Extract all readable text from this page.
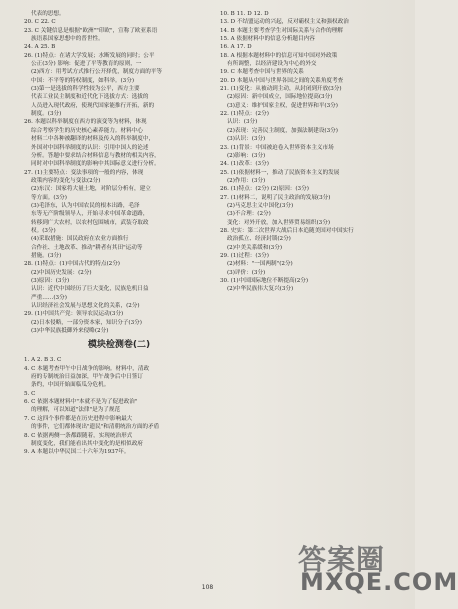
代表的思想。
20. C 22. C
23. C 关键信息是根据"欧洲""印欧"，宣称了欧亚系语
族语系国家思想中的普世性。
24. A 25. B
26. (1)特点：在诸大学发展；水断发展的同时；公平
公正(3分) 影响：促进了平等教育的原则，一
(2)西方：用考试方式推行公开择优，制度方面的平等
中国：不平等的特权制度，如科举。(3分)
(3)第一是选拔的科学性较为公平，西方主要
代表工业民主制度和近代化下选拔方式：选拔的
人员进入现代政府，使现代国家能推行开拓，新的
制度。(3分)
26. 本题以科举制度在西方的演变等为材料，体现
综合考察学生的历史核心素养能力。材料中心
材料二中各种被翻译的材料及传入的科举制度中，
外国对中国科举制度的认识：引用中国人的论述
分析。答题中要求结合材料信息与教材的相关内容，
同时对中国科举制度的影响中其国际意义进行分析。
27. (1)主要特点：变法事项的一般的内容，体现
政策内容的变化与变法(2分)
(2)东汉：国家将大量土地，对阶层分析有，建立
等方面。(3分)
(3)毛泽东，认为中国农民的根本出路，毛泽
东等无产阶级领导人，开始寻求中国革命道路，
转移到广大农村，以农村包围城市，武装夺取政
权。(3分)
(4)采取措施：国民政府在农业方面推行
合作社、土地改革、推动"耕者有其田"运动等
措施。(3分)
28. (1)特点：(1)中国古代的特点(2分)
(2)中国历史发展：(2分)
(3)原因：(3分)
认识：近代中国经历了巨大变化，民族危机日益
严重……(3分)
认识经济社会发展与思想文化的关系，(2分)
29. (1)中国共产党：领导农民运动(3分)
(2)日本侵略，一部分资本家，知识分子(3分)
(3)中华民族抵御外来侵略(2分)
模块检测卷(二)
1. A 2. B 3. C
4. C 本题考查甲午中日战争的影响。材料中，清政
府的专制统治日益加深，甲午战争后中日签订
条约，中国开始面临瓜分危机。
5. C
6. C 依据本题材料中"本就不是为了促进政治"
的理解，可以知道"法律"是为了规范
7. C 这四个事件都是在历史进程中影响最大
的事件，它们都体现出"遗民"和清朝统治方面的矛盾
8. C 依据两侧一条都跟随着，实现统治形式
制度变化，我们能看出其中变化的是相似政府
9. A 本题以中华民国二十六年为1937年。
10. B 11. D 12. D
13. D 不结盟运动的兴起，反对霸权主义和强权政治
14. B 本题主要考查学生对国际关系与合作的理解
15. A 依据材料中的信息分析题目内容
16. A 17. D
18. A 根据本题材料中的信息可知中国对外政策
有所调整，以经济建设为中心的外交
19. C 本题考查中国与世界的关系
20. D 本题从中国与世界各国之间的关系角度考查
21. (1)变化：从被动到主动，从封闭到开放(3分)
(2)原因：新中国成立，国际地位提高(3分)
(3)意义：维护国家主权，促进世界和平(3分)
22. (1)特点：(2分)
认识：(3分)
(2)表现：完善民主制度，加强法制建设(3分)
(3)认识：(3分)
23. (1)背景：中国被迫卷入世界资本主义市场
(2)影响：(3分)
24. (1)改革：(3分)
25. (1)依据材料一，推动了民族资本主义的发展
(2)作用：(3分)
26. (1)特点：(2分) (2)原因：(3分)
27. (1)材料二，说明了民主政治的发展(3分)
(2)马克思主义中国化(3分)
(3)不合理：(2分)
变化：对外开放，加入世界贸易组织(3分)
28. 史实：第二次世界大战后日本追随美国对中国实行
政治孤立、经济封锁(2分)
(2)中美关系缓和(3分)
29. (1)过程：(3分)
(2)材料："一国两制"(2分)
(3)评价：(3分)
30. (1)中国国际地位不断提高(2分)
(2)中华民族伟大复兴(3分)
108
答案圈
MXQE.COM
